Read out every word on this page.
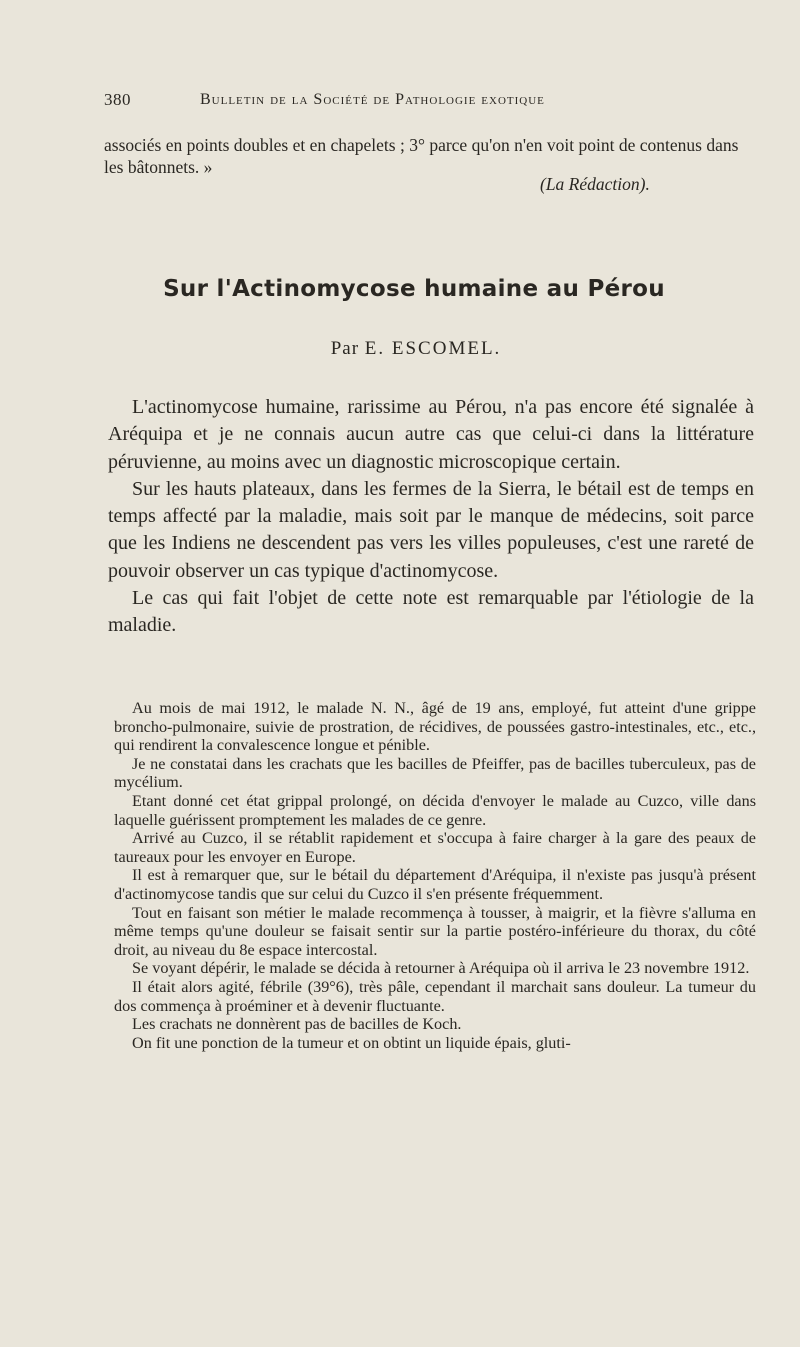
380	Bulletin de la Société de Pathologie exotique

associés en points doubles et en chapelets ; 3° parce qu'on n'en voit point de contenus dans les bâtonnets. »

(La Rédaction).
Sur l'Actinomycose humaine au Pérou
Par E. ESCOMEL.

L'actinomycose humaine, rarissime au Pérou, n'a pas encore été signalée à Aréquipa et je ne connais aucun autre cas que celui-ci dans la littérature péruvienne, au moins avec un diagnostic microscopique certain.

Sur les hauts plateaux, dans les fermes de la Sierra, le bétail est de temps en temps affecté par la maladie, mais soit par le manque de médecins, soit parce que les Indiens ne descendent pas vers les villes populeuses, c'est une rareté de pouvoir observer un cas typique d'actinomycose.

Le cas qui fait l'objet de cette note est remarquable par l'étiologie de la maladie.

Au mois de mai 1912, le malade N. N., âgé de 19 ans, employé, fut atteint d'une grippe broncho-pulmonaire, suivie de prostration, de récidives, de poussées gastro-intestinales, etc., etc., qui rendirent la convalescence longue et pénible.

Je ne constatai dans les crachats que les bacilles de Pfeiffer, pas de bacilles tuberculeux, pas de mycélium.

Etant donné cet état grippal prolongé, on décida d'envoyer le malade au Cuzco, ville dans laquelle guérissent promptement les malades de ce genre.

Arrivé au Cuzco, il se rétablit rapidement et s'occupa à faire charger à la gare des peaux de taureaux pour les envoyer en Europe.

Il est à remarquer que, sur le bétail du département d'Aréquipa, il n'existe pas jusqu'à présent d'actinomycose tandis que sur celui du Cuzco il s'en présente fréquemment.

Tout en faisant son métier le malade recommença à tousser, à maigrir, et la fièvre s'alluma en même temps qu'une douleur se faisait sentir sur la partie postéro-inférieure du thorax, du côté droit, au niveau du 8e espace intercostal.

Se voyant dépérir, le malade se décida à retourner à Aréquipa où il arriva le 23 novembre 1912.

Il était alors agité, fébrile (39°6), très pâle, cependant il marchait sans douleur. La tumeur du dos commença à proéminer et à devenir fluctuante.

Les crachats ne donnèrent pas de bacilles de Koch.

On fit une ponction de la tumeur et on obtint un liquide épais, gluti-
